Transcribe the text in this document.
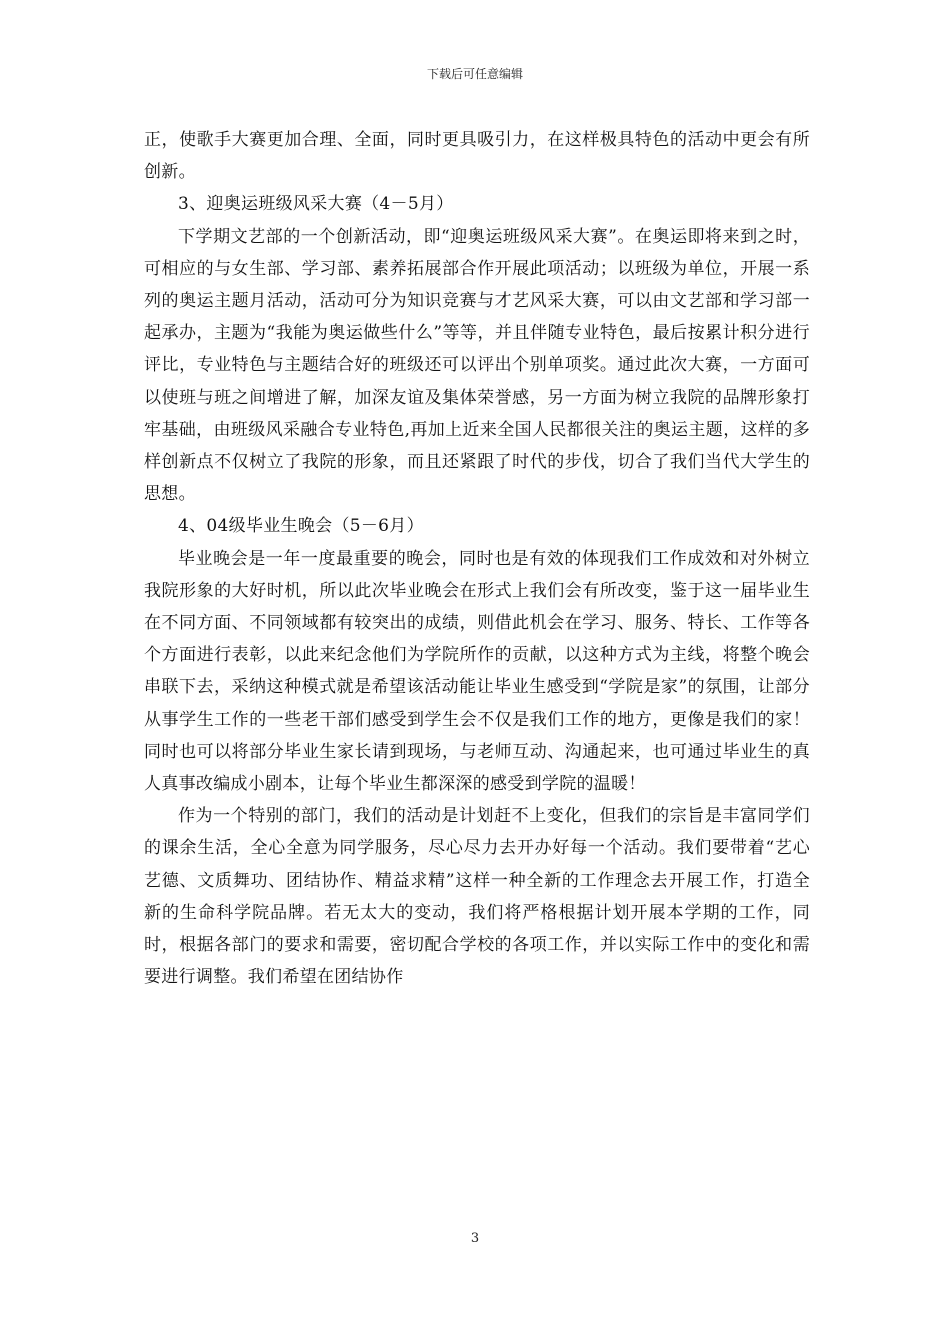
下载后可任意编辑

正，使歌手大赛更加合理、全面，同时更具吸引力，在这样极具特色的活动中更会有所创新。

3、迎奥运班级风采大赛（4－5月）

下学期文艺部的一个创新活动，即“迎奥运班级风采大赛”。在奥运即将来到之时，可相应的与女生部、学习部、素养拓展部合作开展此项活动；以班级为单位，开展一系列的奥运主题月活动，活动可分为知识竞赛与才艺风采大赛，可以由文艺部和学习部一起承办，主题为“我能为奥运做些什么”等等，并且伴随专业特色，最后按累计积分进行评比，专业特色与主题结合好的班级还可以评出个别单项奖。通过此次大赛，一方面可以使班与班之间增进了解，加深友谊及集体荣誉感，另一方面为树立我院的品牌形象打牢基础，由班级风采融合专业特色,再加上近来全国人民都很关注的奥运主题，这样的多样创新点不仅树立了我院的形象，而且还紧跟了时代的步伐，切合了我们当代大学生的思想。

4、04级毕业生晚会（5－6月）

毕业晚会是一年一度最重要的晚会，同时也是有效的体现我们工作成效和对外树立我院形象的大好时机，所以此次毕业晚会在形式上我们会有所改变，鉴于这一届毕业生在不同方面、不同领域都有较突出的成绩，则借此机会在学习、服务、特长、工作等各个方面进行表彰，以此来纪念他们为学院所作的贡献，以这种方式为主线，将整个晚会串联下去，采纳这种模式就是希望该活动能让毕业生感受到“学院是家”的氛围，让部分从事学生工作的一些老干部们感受到学生会不仅是我们工作的地方，更像是我们的家！同时也可以将部分毕业生家长请到现场，与老师互动、沟通起来，也可通过毕业生的真人真事改编成小剧本，让每个毕业生都深深的感受到学院的温暖！

作为一个特别的部门，我们的活动是计划赶不上变化，但我们的宗旨是丰富同学们的课余生活，全心全意为同学服务，尽心尽力去开办好每一个活动。我们要带着“艺心艺德、文质舞功、团结协作、精益求精”这样一种全新的工作理念去开展工作，打造全新的生命科学院品牌。若无太大的变动，我们将严格根据计划开展本学期的工作，同时，根据各部门的要求和需要，密切配合学校的各项工作，并以实际工作中的变化和需要进行调整。我们希望在团结协作

3
